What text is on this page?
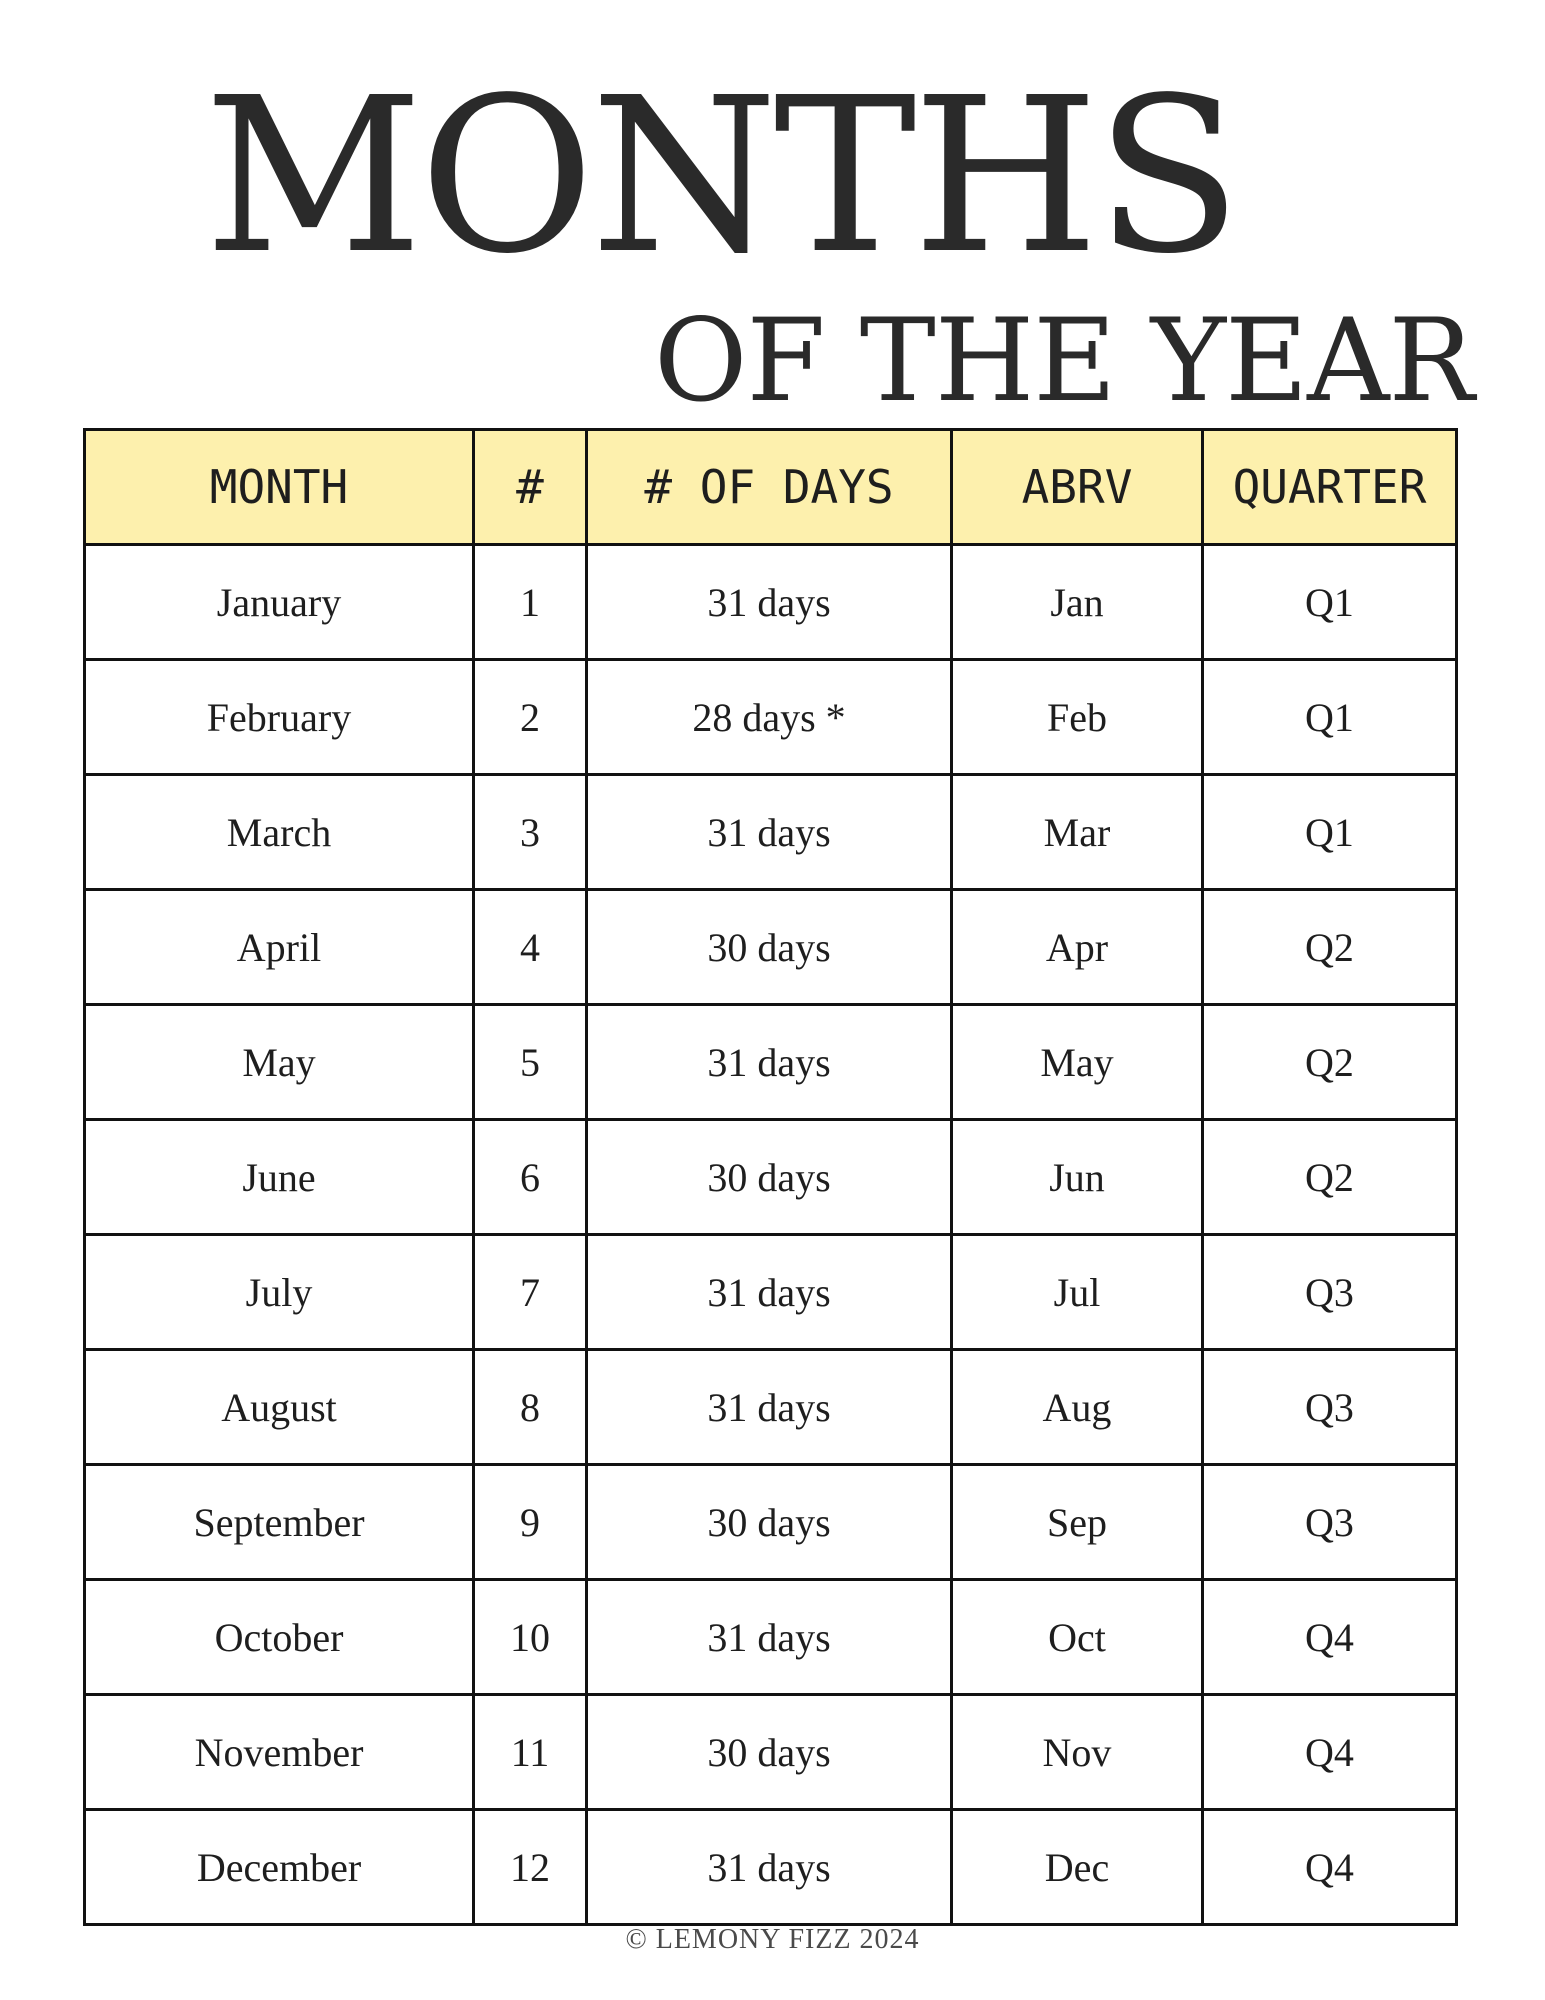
MONTHS
OF THE YEAR
MONTH	#	# OF DAYS	ABRV	QUARTER
January	1	31 days	Jan	Q1
February	2	28 days *	Feb	Q1
March	3	31 days	Mar	Q1
April	4	30 days	Apr	Q2
May	5	31 days	May	Q2
June	6	30 days	Jun	Q2
July	7	31 days	Jul	Q3
August	8	31 days	Aug	Q3
September	9	30 days	Sep	Q3
October	10	31 days	Oct	Q4
November	11	30 days	Nov	Q4
December	12	31 days	Dec	Q4
© LEMONY FIZZ 2024
